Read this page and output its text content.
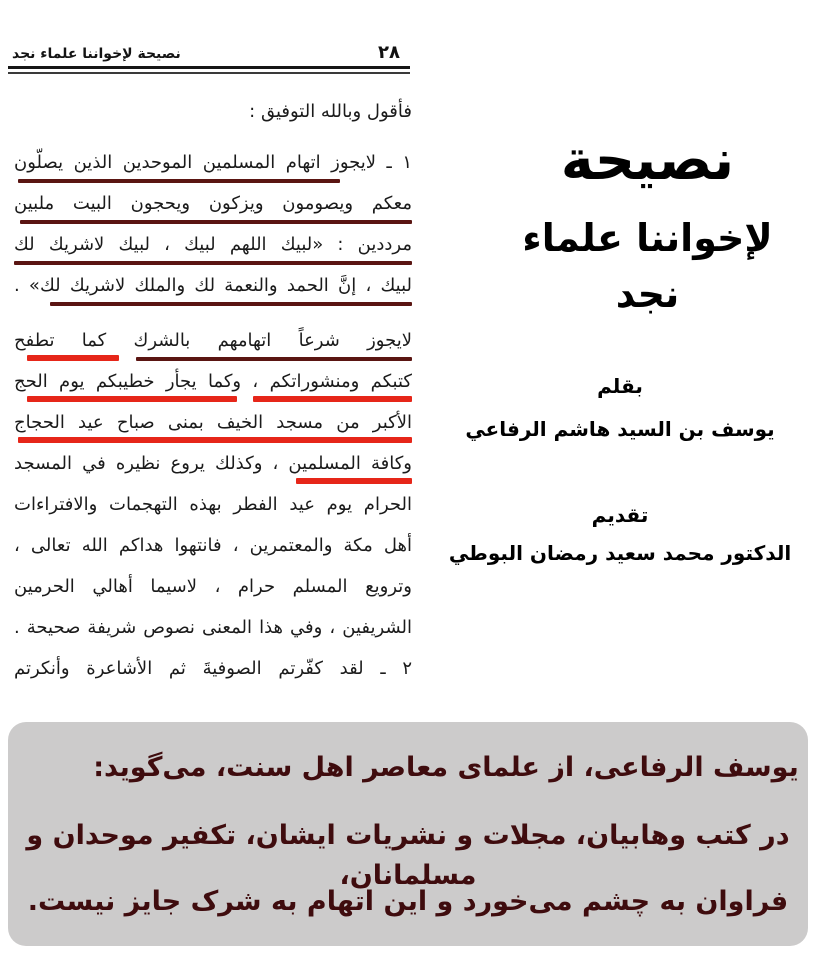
نصيحة لإخواننا علماء نجد	٢٨
فأقول وبالله التوفيق :
١ ـ لايجوز اتهام المسلمين الموحدين الذين يصلّون
معكم ويصومون ويزكون ويحجون البيت ملبين
مرددين : «لبيك اللهم لبيك ، لبيك لاشريك لك
لبيك ، إنَّ الحمد والنعمة لك والملك لاشريك لك» .
لايجوز شرعاً اتهامهم بالشرك كما تطفح
كتبكم ومنشوراتكم ، وكما يجأر خطيبكم يوم الحج
الأكبر من مسجد الخيف بمنى صباح عيد الحجاج
وكافة المسلمين ، وكذلك يروع نظيره في المسجد
الحرام يوم عيد الفطر بهذه التهجمات والافتراءات
أهل مكة والمعتمرين ، فانتهوا هداكم الله تعالى ،
وترويع المسلم حرام ، لاسيما أهالي الحرمين
الشريفين ، وفي هذا المعنى نصوص شريفة صحيحة .
٢ ـ لقد كفّرتم الصوفيةَ ثم الأشاعرة وأنكرتم
نصيحة
لإخواننا علماء نجد
بقلم
يوسف بن السيد هاشم الرفاعي
تقديم
الدكتور محمد سعيد رمضان البوطي
یوسف الرفاعی، از علمای معاصر اهل سنت، می‌گوید:
در کتب وهابیان، مجلات و نشریات ایشان، تکفیر موحدان و مسلمانان،
فراوان به چشم می‌خورد و این اتهام به شرک جایز نیست.
